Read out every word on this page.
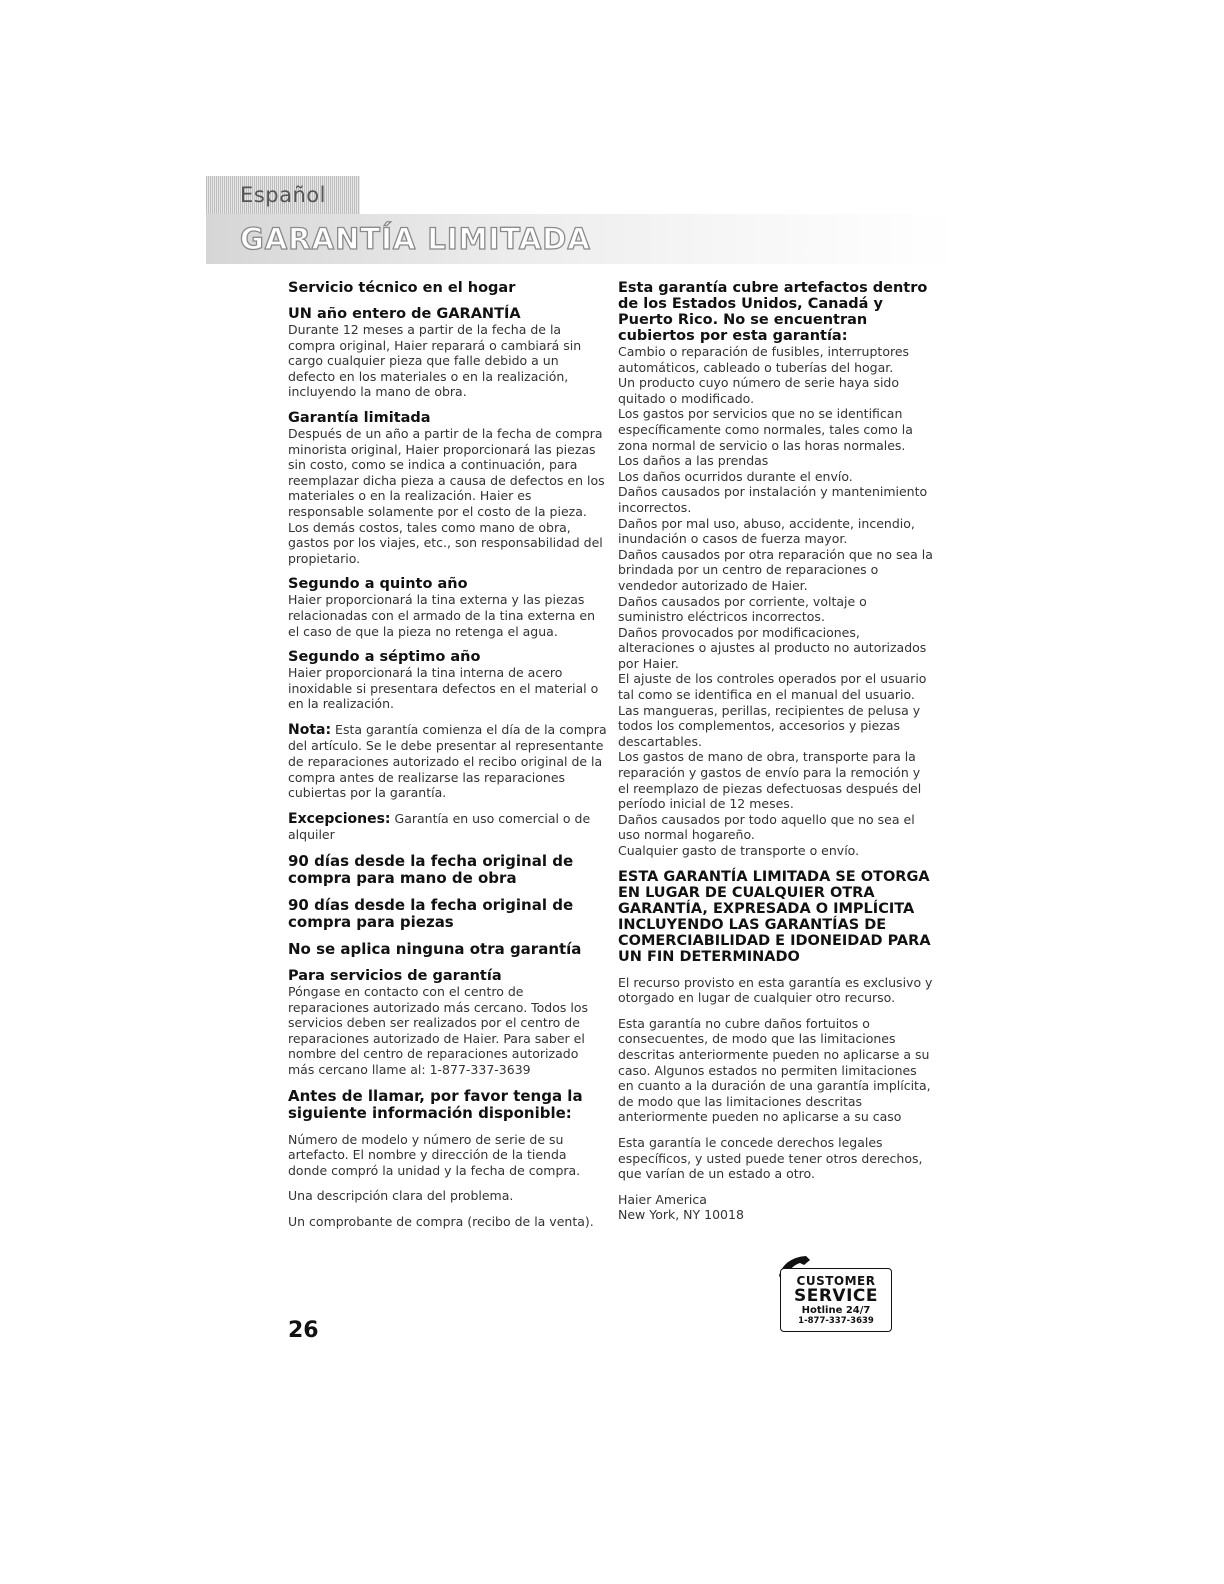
Español
GARANTÍA LIMITADA

Servicio técnico en el hogar

UN año entero de GARANTÍA

Durante 12 meses a partir de la fecha de la compra original, Haier reparará o cambiará sin cargo cualquier pieza que falle debido a un defecto en los materiales o en la realización, incluyendo la mano de obra.

Garantía limitada

Después de un año a partir de la fecha de compra minorista original, Haier proporcionará las piezas sin costo, como se indica a continuación, para reemplazar dicha pieza a causa de defectos en los materiales o en la realización. Haier es responsable solamente por el costo de la pieza. Los demás costos, tales como mano de obra, gastos por los viajes, etc., son responsabilidad del propietario.

Segundo a quinto año

Haier proporcionará la tina externa y las piezas relacionadas con el armado de la tina externa en el caso de que la pieza no retenga el agua.

Segundo a séptimo año

Haier proporcionará la tina interna de acero inoxidable si presentara defectos en el material o en la realización.

Nota: Esta garantía comienza el día de la compra del artículo. Se le debe presentar al representante de reparaciones autorizado el recibo original de la compra antes de realizarse las reparaciones cubiertas por la garantía.

Excepciones: Garantía en uso comercial o de alquiler

90 días desde la fecha original de compra para mano de obra

90 días desde la fecha original de compra para piezas

No se aplica ninguna otra garantía

Para servicios de garantía

Póngase en contacto con el centro de reparaciones autorizado más cercano. Todos los servicios deben ser realizados por el centro de reparaciones autorizado de Haier. Para saber el nombre del centro de reparaciones autorizado más cercano llame al: 1-877-337-3639

Antes de llamar, por favor tenga la siguiente información disponible:

Número de modelo y número de serie de su artefacto. El nombre y dirección de la tienda donde compró la unidad y la fecha de compra.

Una descripción clara del problema.

Un comprobante de compra (recibo de la venta).

Esta garantía cubre artefactos dentro de los Estados Unidos, Canadá y Puerto Rico. No se encuentran cubiertos por esta garantía:

Cambio o reparación de fusibles, interruptores automáticos, cableado o tuberías del hogar.

Un producto cuyo número de serie haya sido quitado o modificado.

Los gastos por servicios que no se identifican específicamente como normales, tales como la zona normal de servicio o las horas normales.

Los daños a las prendas

Los daños ocurridos durante el envío.

Daños causados por instalación y mantenimiento incorrectos.

Daños por mal uso, abuso, accidente, incendio, inundación o casos de fuerza mayor.

Daños causados por otra reparación que no sea la brindada por un centro de reparaciones o vendedor autorizado de Haier.

Daños causados por corriente, voltaje o suministro eléctricos incorrectos.

Daños provocados por modificaciones, alteraciones o ajustes al producto no autorizados por Haier.

El ajuste de los controles operados por el usuario tal como se identifica en el manual del usuario.

Las mangueras, perillas, recipientes de pelusa y todos los complementos, accesorios y piezas descartables.

Los gastos de mano de obra, transporte para la reparación y gastos de envío para la remoción y el reemplazo de piezas defectuosas después del período inicial de 12 meses.

Daños causados por todo aquello que no sea el uso normal hogareño.

Cualquier gasto de transporte o envío.

ESTA GARANTÍA LIMITADA SE OTORGA EN LUGAR DE CUALQUIER OTRA GARANTÍA, EXPRESADA O IMPLÍCITA INCLUYENDO LAS GARANTÍAS DE COMERCIABILIDAD E IDONEIDAD PARA UN FIN DETERMINADO

El recurso provisto en esta garantía es exclusivo y otorgado en lugar de cualquier otro recurso.

Esta garantía no cubre daños fortuitos o consecuentes, de modo que las limitaciones descritas anteriormente pueden no aplicarse a su caso. Algunos estados no permiten limitaciones en cuanto a la duración de una garantía implícita, de modo que las limitaciones descritas anteriormente pueden no aplicarse a su caso

Esta garantía le concede derechos legales específicos, y usted puede tener otros derechos, que varían de un estado a otro.

Haier America

New York, NY 10018

CUSTOMER
SERVICE
Hotline 24/7
1-877-337-3639
26
